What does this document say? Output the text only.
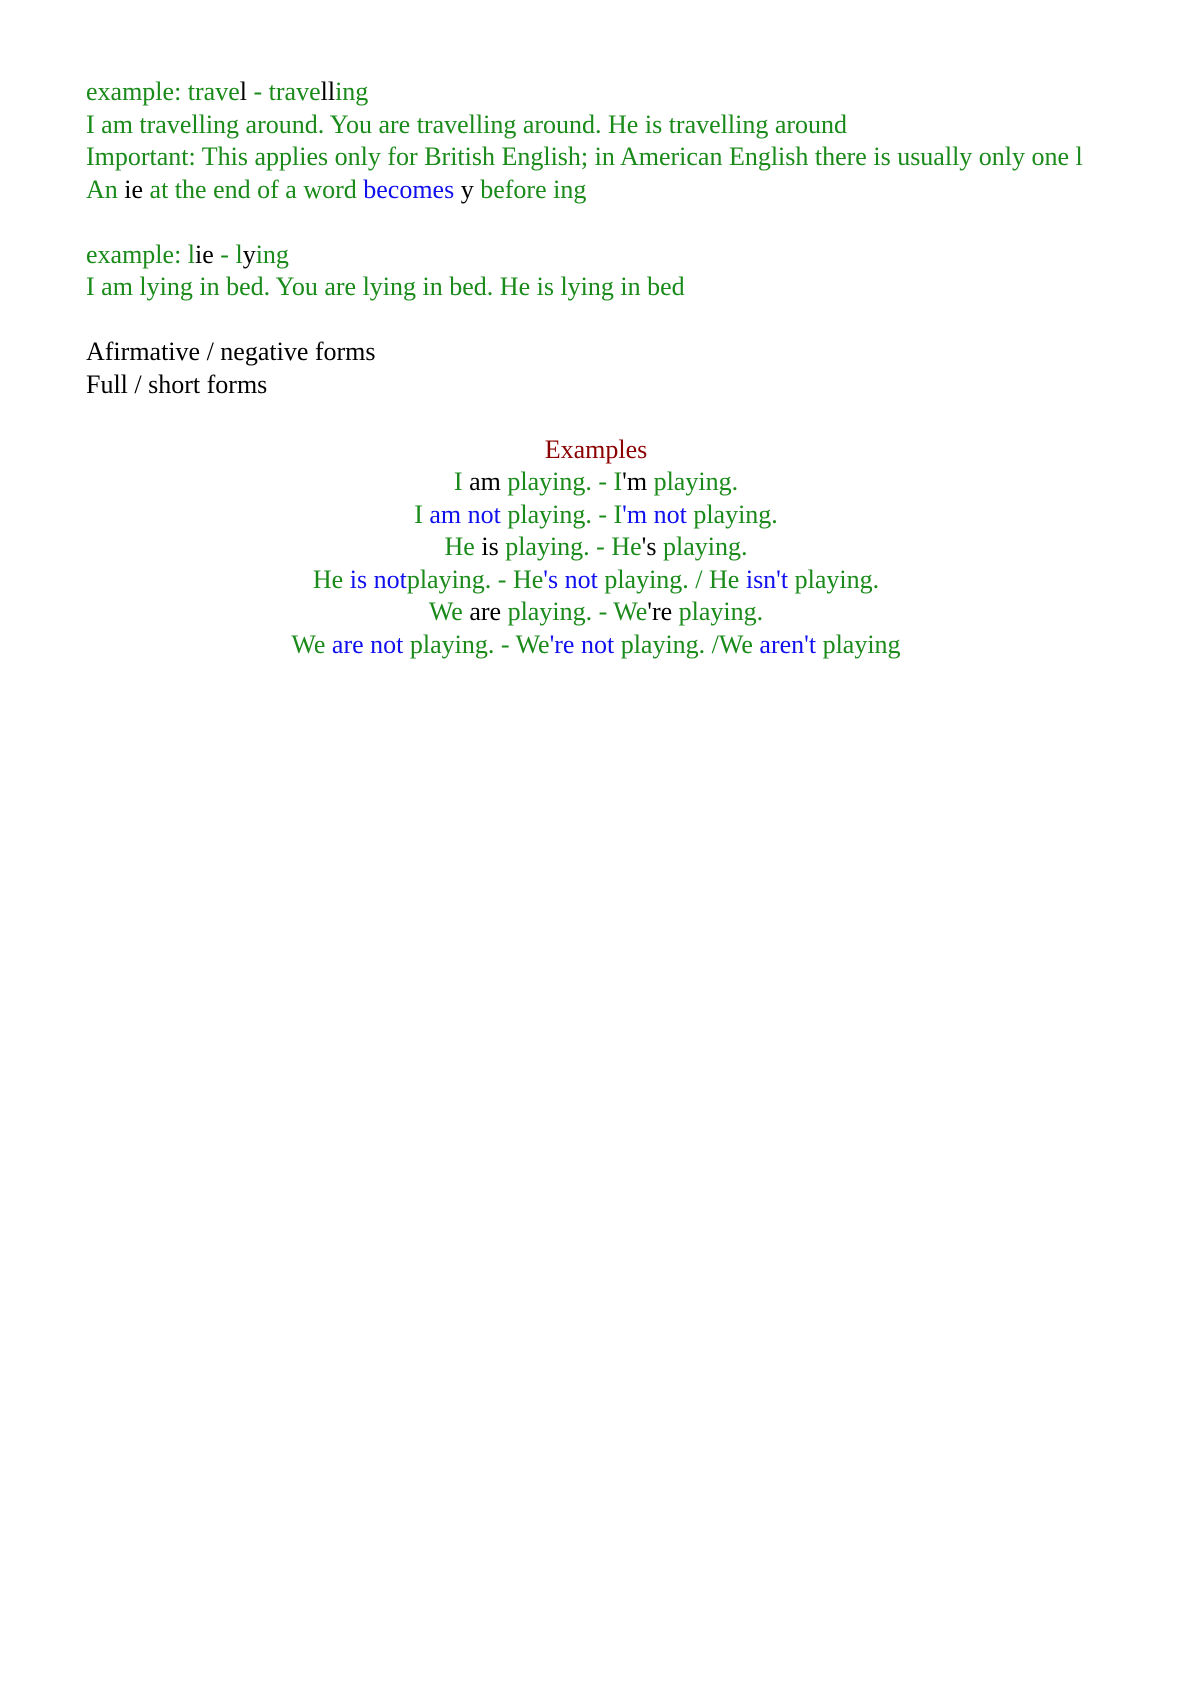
example: travel - travelling
I am travelling around. You are travelling around. He is travelling around
Important: This applies only for British English; in American English there is usually only one l
An ie at the end of a word becomes y before ing
example: lie - lying
I am lying in bed. You are lying in bed. He is lying in bed
Afirmative / negative forms
Full / short forms
Examples
I am playing. - I'm playing.
I am not playing. - I'm not playing.
He is playing. - He's playing.
He is notplaying. - He's not playing. / He isn't playing.
We are playing. - We're playing.
We are not playing. - We're not playing. /We aren't playing
